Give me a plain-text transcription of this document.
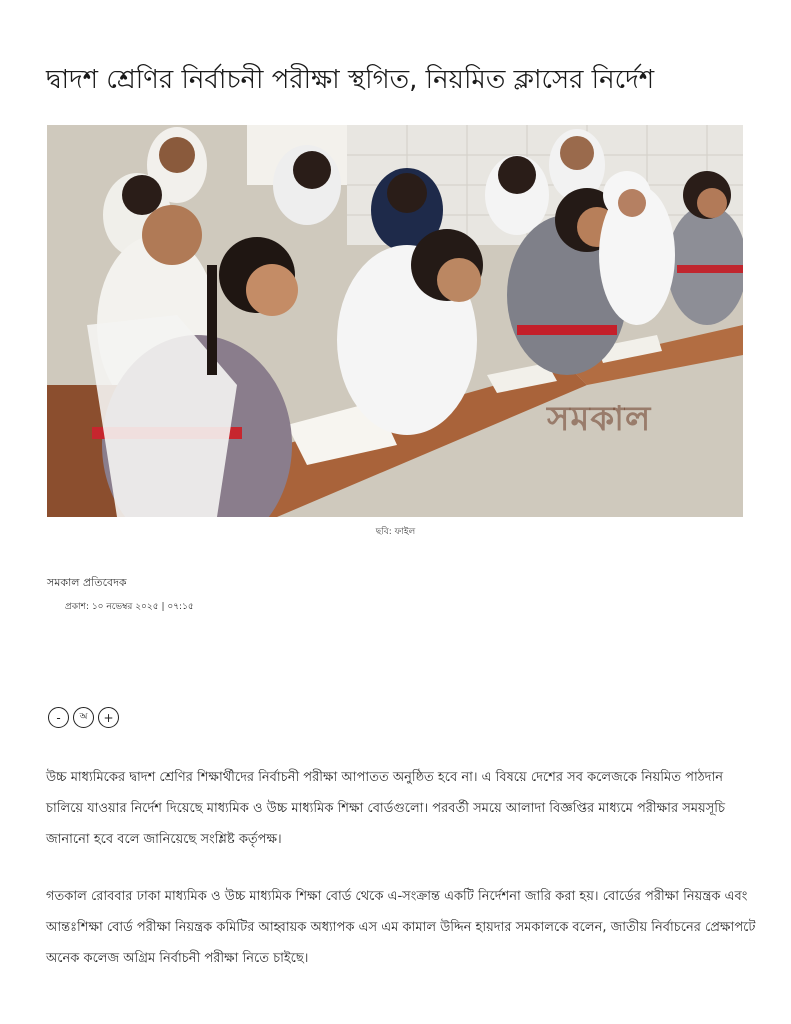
দ্বাদশ শ্রেণির নির্বাচনী পরীক্ষা স্থগিত, নিয়মিত ক্লাসের নির্দেশ
সমকাল
ছবি: ফাইল
সমকাল প্রতিবেদক
প্রকাশ: ১০ নভেম্বর ২০২৫ | ০৭:১৫
-	অ	+

উচ্চ মাধ্যমিকের দ্বাদশ শ্রেণির শিক্ষার্থীদের নির্বাচনী পরীক্ষা আপাতত অনুষ্ঠিত হবে না। এ বিষয়ে দেশের সব কলেজকে নিয়মিত পাঠদান চালিয়ে যাওয়ার নির্দেশ দিয়েছে মাধ্যমিক ও উচ্চ মাধ্যমিক শিক্ষা বোর্ডগুলো। পরবর্তী সময়ে আলাদা বিজ্ঞপ্তির মাধ্যমে পরীক্ষার সময়সূচি জানানো হবে বলে জানিয়েছে সংশ্লিষ্ট কর্তৃপক্ষ।

গতকাল রোববার ঢাকা মাধ্যমিক ও উচ্চ মাধ্যমিক শিক্ষা বোর্ড থেকে এ-সংক্রান্ত একটি নির্দেশনা জারি করা হয়। বোর্ডের পরীক্ষা নিয়ন্ত্রক এবং আন্তঃশিক্ষা বোর্ড পরীক্ষা নিয়ন্ত্রক কমিটির আহ্বায়ক অধ্যাপক এস এম কামাল উদ্দিন হায়দার সমকালকে বলেন, জাতীয় নির্বাচনের প্রেক্ষাপটে অনেক কলেজ অগ্রিম নির্বাচনী পরীক্ষা নিতে চাইছে।
